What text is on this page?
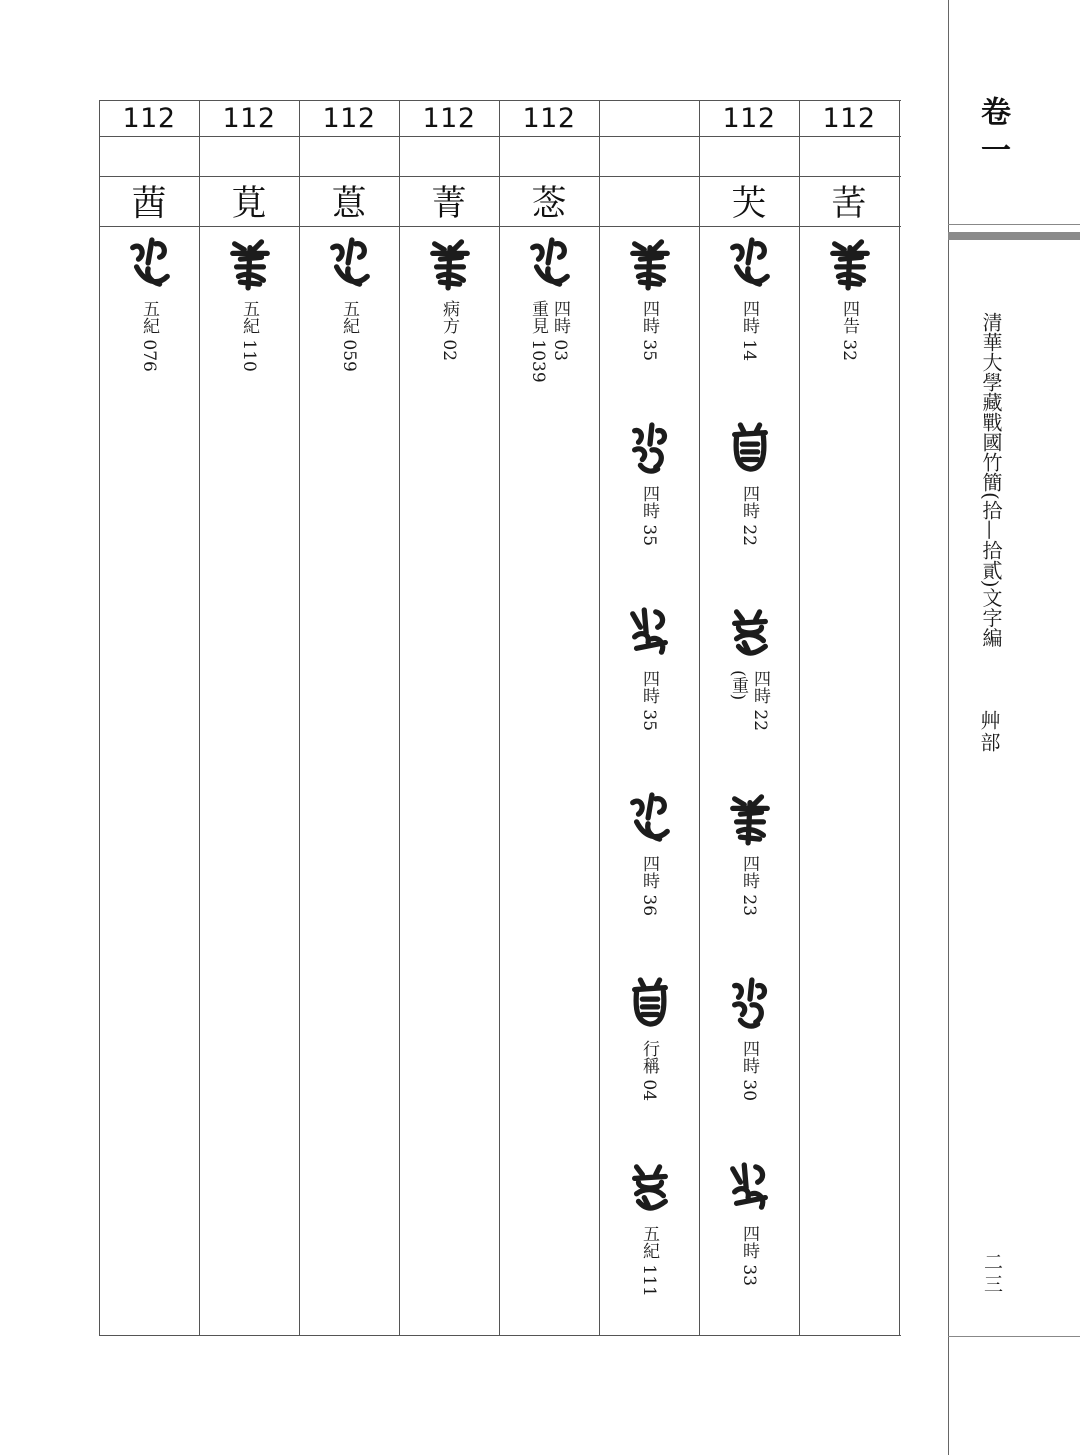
112
莤
五紀 076
112
莧
五紀 110
112
蒠
五紀 059
112
菁
病方 02
112
菍
四時 03
重見 1039	四時 35
四時 35
四時 35
四時 36
行稱 04
五紀 111
112
芖
四時 14
四時 22
四時 22
(重)
四時 23
四時 30
四時 33
112
䒷
四告 32
卷一
清華大學藏戰國竹簡(拾—拾貳)文字編
艸部
二三
